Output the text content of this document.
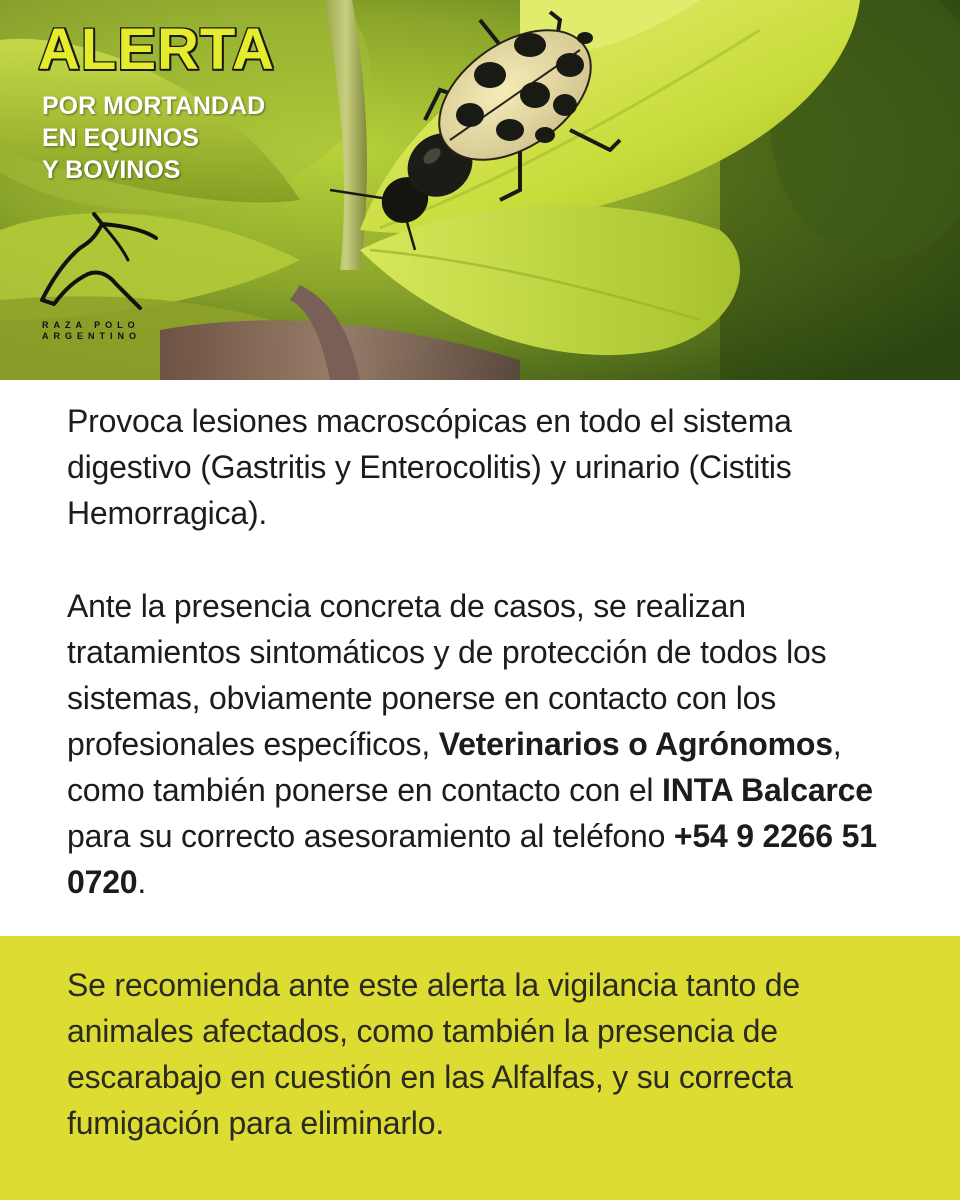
ALERTA
POR MORTANDAD
EN EQUINOS
Y BOVINOS
RAZA POLO
ARGENTINO

Provoca lesiones macroscópicas en todo el sistema digestivo (Gastritis y Enterocolitis) y urinario (Cistitis Hemorragica).

Ante la presencia concreta de casos, se realizan tratamientos sintomáticos y de protección de todos los sistemas, obviamente ponerse en contacto con los profesionales específicos, Veterinarios o Agrónomos, como también ponerse en contacto con el INTA Balcarce para su correcto asesoramiento al teléfono +54 9 2266 51 0720.

Se recomienda ante este alerta la vigilancia tanto de animales afectados, como también la presencia de escarabajo en cuestión en las Alfalfas, y su correcta fumigación para eliminarlo.
